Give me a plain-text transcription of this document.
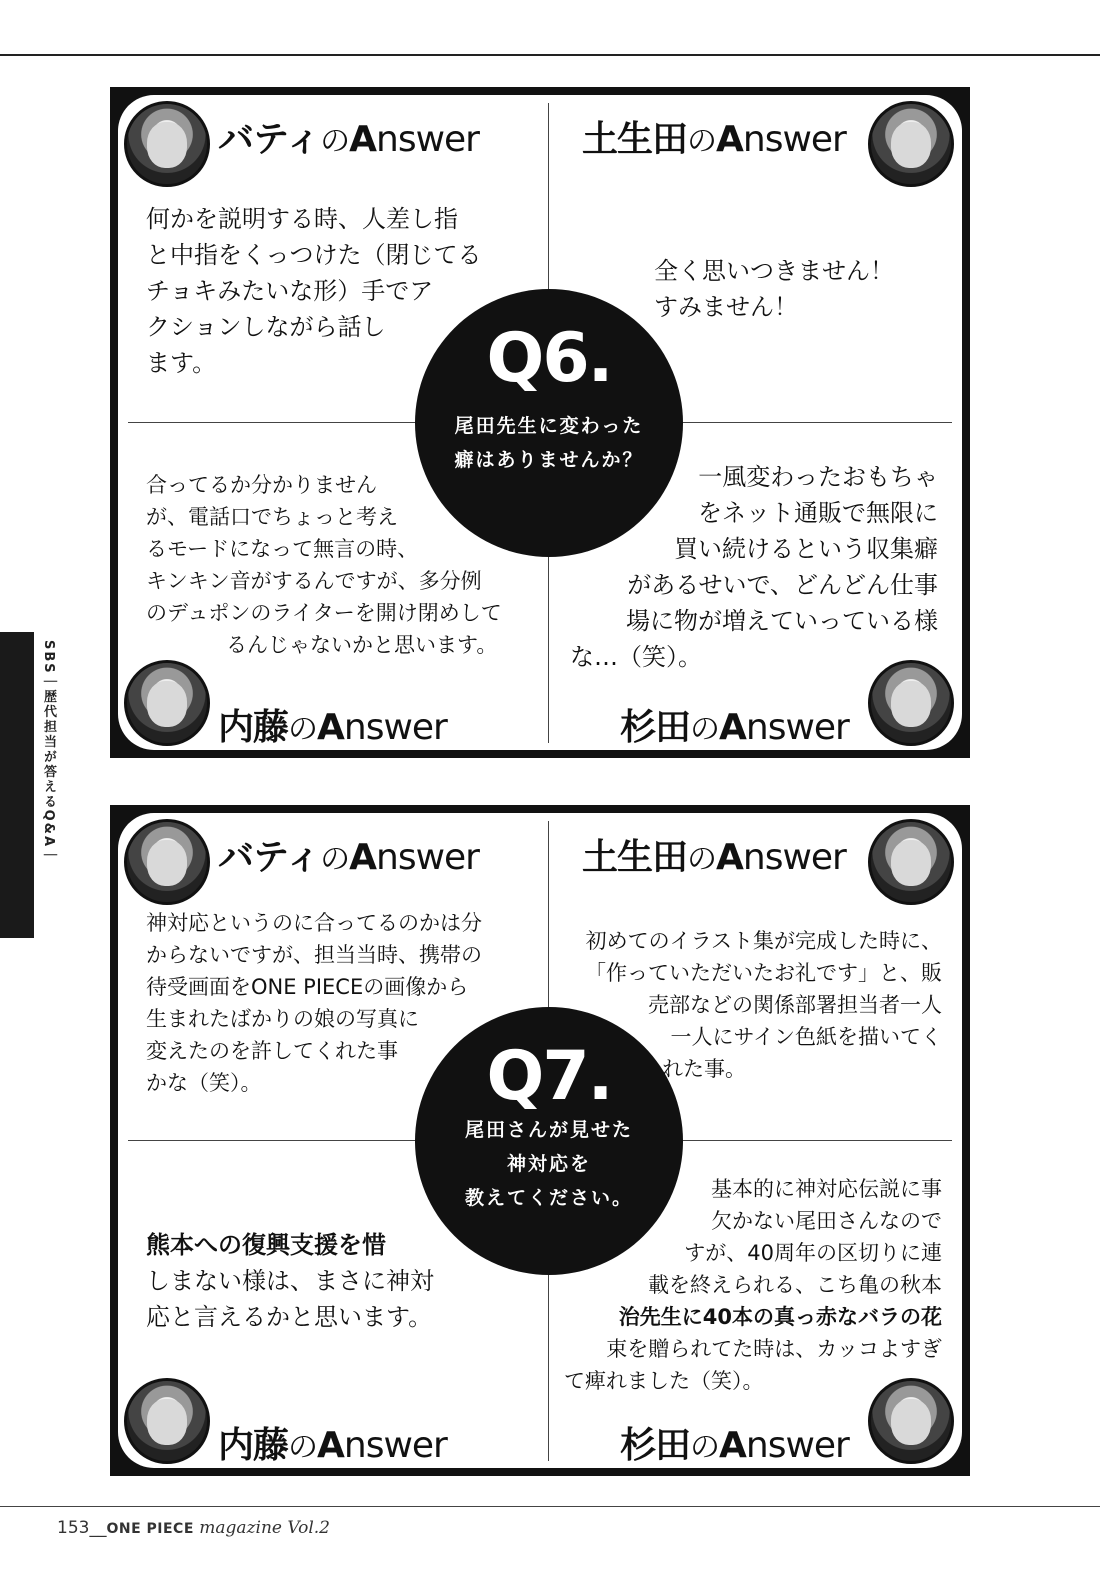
SBS｜歴代担当が答えるQ&A｜
バティのAnswer
何かを説明する時、人差し指
と中指をくっつけた（閉じてる
チョキみたいな形）手でア
クションしながら話し
ます。
土生田のAnswer
全く思いつきません！
すみません！
合ってるか分かりません
が、電話口でちょっと考え
るモードになって無言の時、
キンキン音がするんですが、多分例
のデュポンのライターを開け閉めして
るんじゃないかと思います。
内藤のAnswer
一風変わったおもちゃ
をネット通販で無限に
買い続けるという収集癖
があるせいで、どんどん仕事
場に物が増えていっている様
な…（笑）。
杉田のAnswer
Q6.
尾田先生に変わった
癖はありませんか？
バティのAnswer
神対応というのに合ってるのかは分
からないですが、担当当時、携帯の
待受画面をONE PIECEの画像から
生まれたばかりの娘の写真に
変えたのを許してくれた事
かな（笑）。
土生田のAnswer
初めてのイラスト集が完成した時に、
「作っていただいたお礼です」と、販
売部などの関係部署担当者一人
一人にサイン色紙を描いてく
れた事。
熊本への復興支援を惜
しまない様は、まさに神対
応と言えるかと思います。
内藤のAnswer
基本的に神対応伝説に事
欠かない尾田さんなので
すが、40周年の区切りに連
載を終えられる、こち亀の秋本
治先生に40本の真っ赤なバラの花
束を贈られてた時は、カッコよすぎ
て痺れました（笑）。
杉田のAnswer
Q7.
尾田さんが見せた
神対応を
教えてください。
153__ONE PIECE magazine Vol.2
